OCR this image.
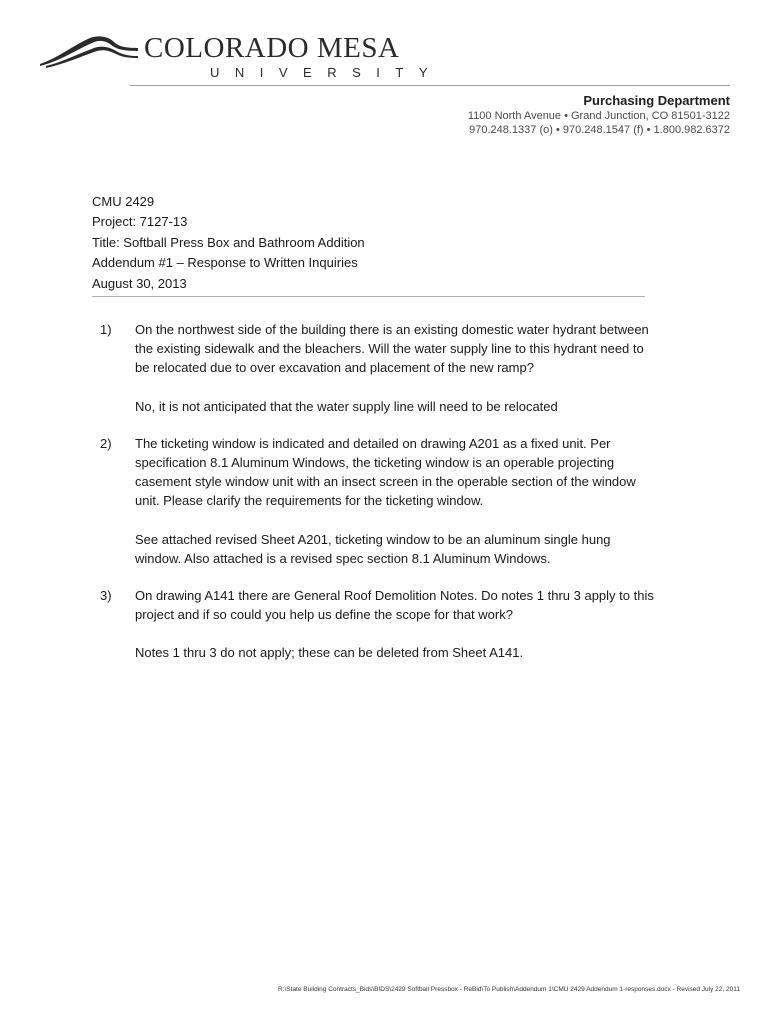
COLORADO MESA
UNIVERSITY
Purchasing Department
1100 North Avenue • Grand Junction, CO 81501-3122
970.248.1337 (o) • 970.248.1547 (f) • 1.800.982.6372
CMU 2429
Project: 7127-13
Title: Softball Press Box and Bathroom Addition
Addendum #1 – Response to Written Inquiries
August 30, 2013
1) On the northwest side of the building there is an existing domestic water hydrant between the existing sidewalk and the bleachers. Will the water supply line to this hydrant need to be relocated due to over excavation and placement of the new ramp?

No, it is not anticipated that the water supply line will need to be relocated

2) The ticketing window is indicated and detailed on drawing A201 as a fixed unit. Per specification 8.1 Aluminum Windows, the ticketing window is an operable projecting casement style window unit with an insect screen in the operable section of the window unit. Please clarify the requirements for the ticketing window.

See attached revised Sheet A201, ticketing window to be an aluminum single hung window. Also attached is a revised spec section 8.1 Aluminum Windows.

3) On drawing A141 there are General Roof Demolition Notes. Do notes 1 thru 3 apply to this project and if so could you help us define the scope for that work?

Notes 1 thru 3 do not apply; these can be deleted from Sheet A141.

R:\State Building Contracts_Bids\BIDS\2429 Softball Pressbox - ReBid\To Publish\Addendum 1\CMU 2429 Addendum 1-responses.docx - Revised July 22, 2011
